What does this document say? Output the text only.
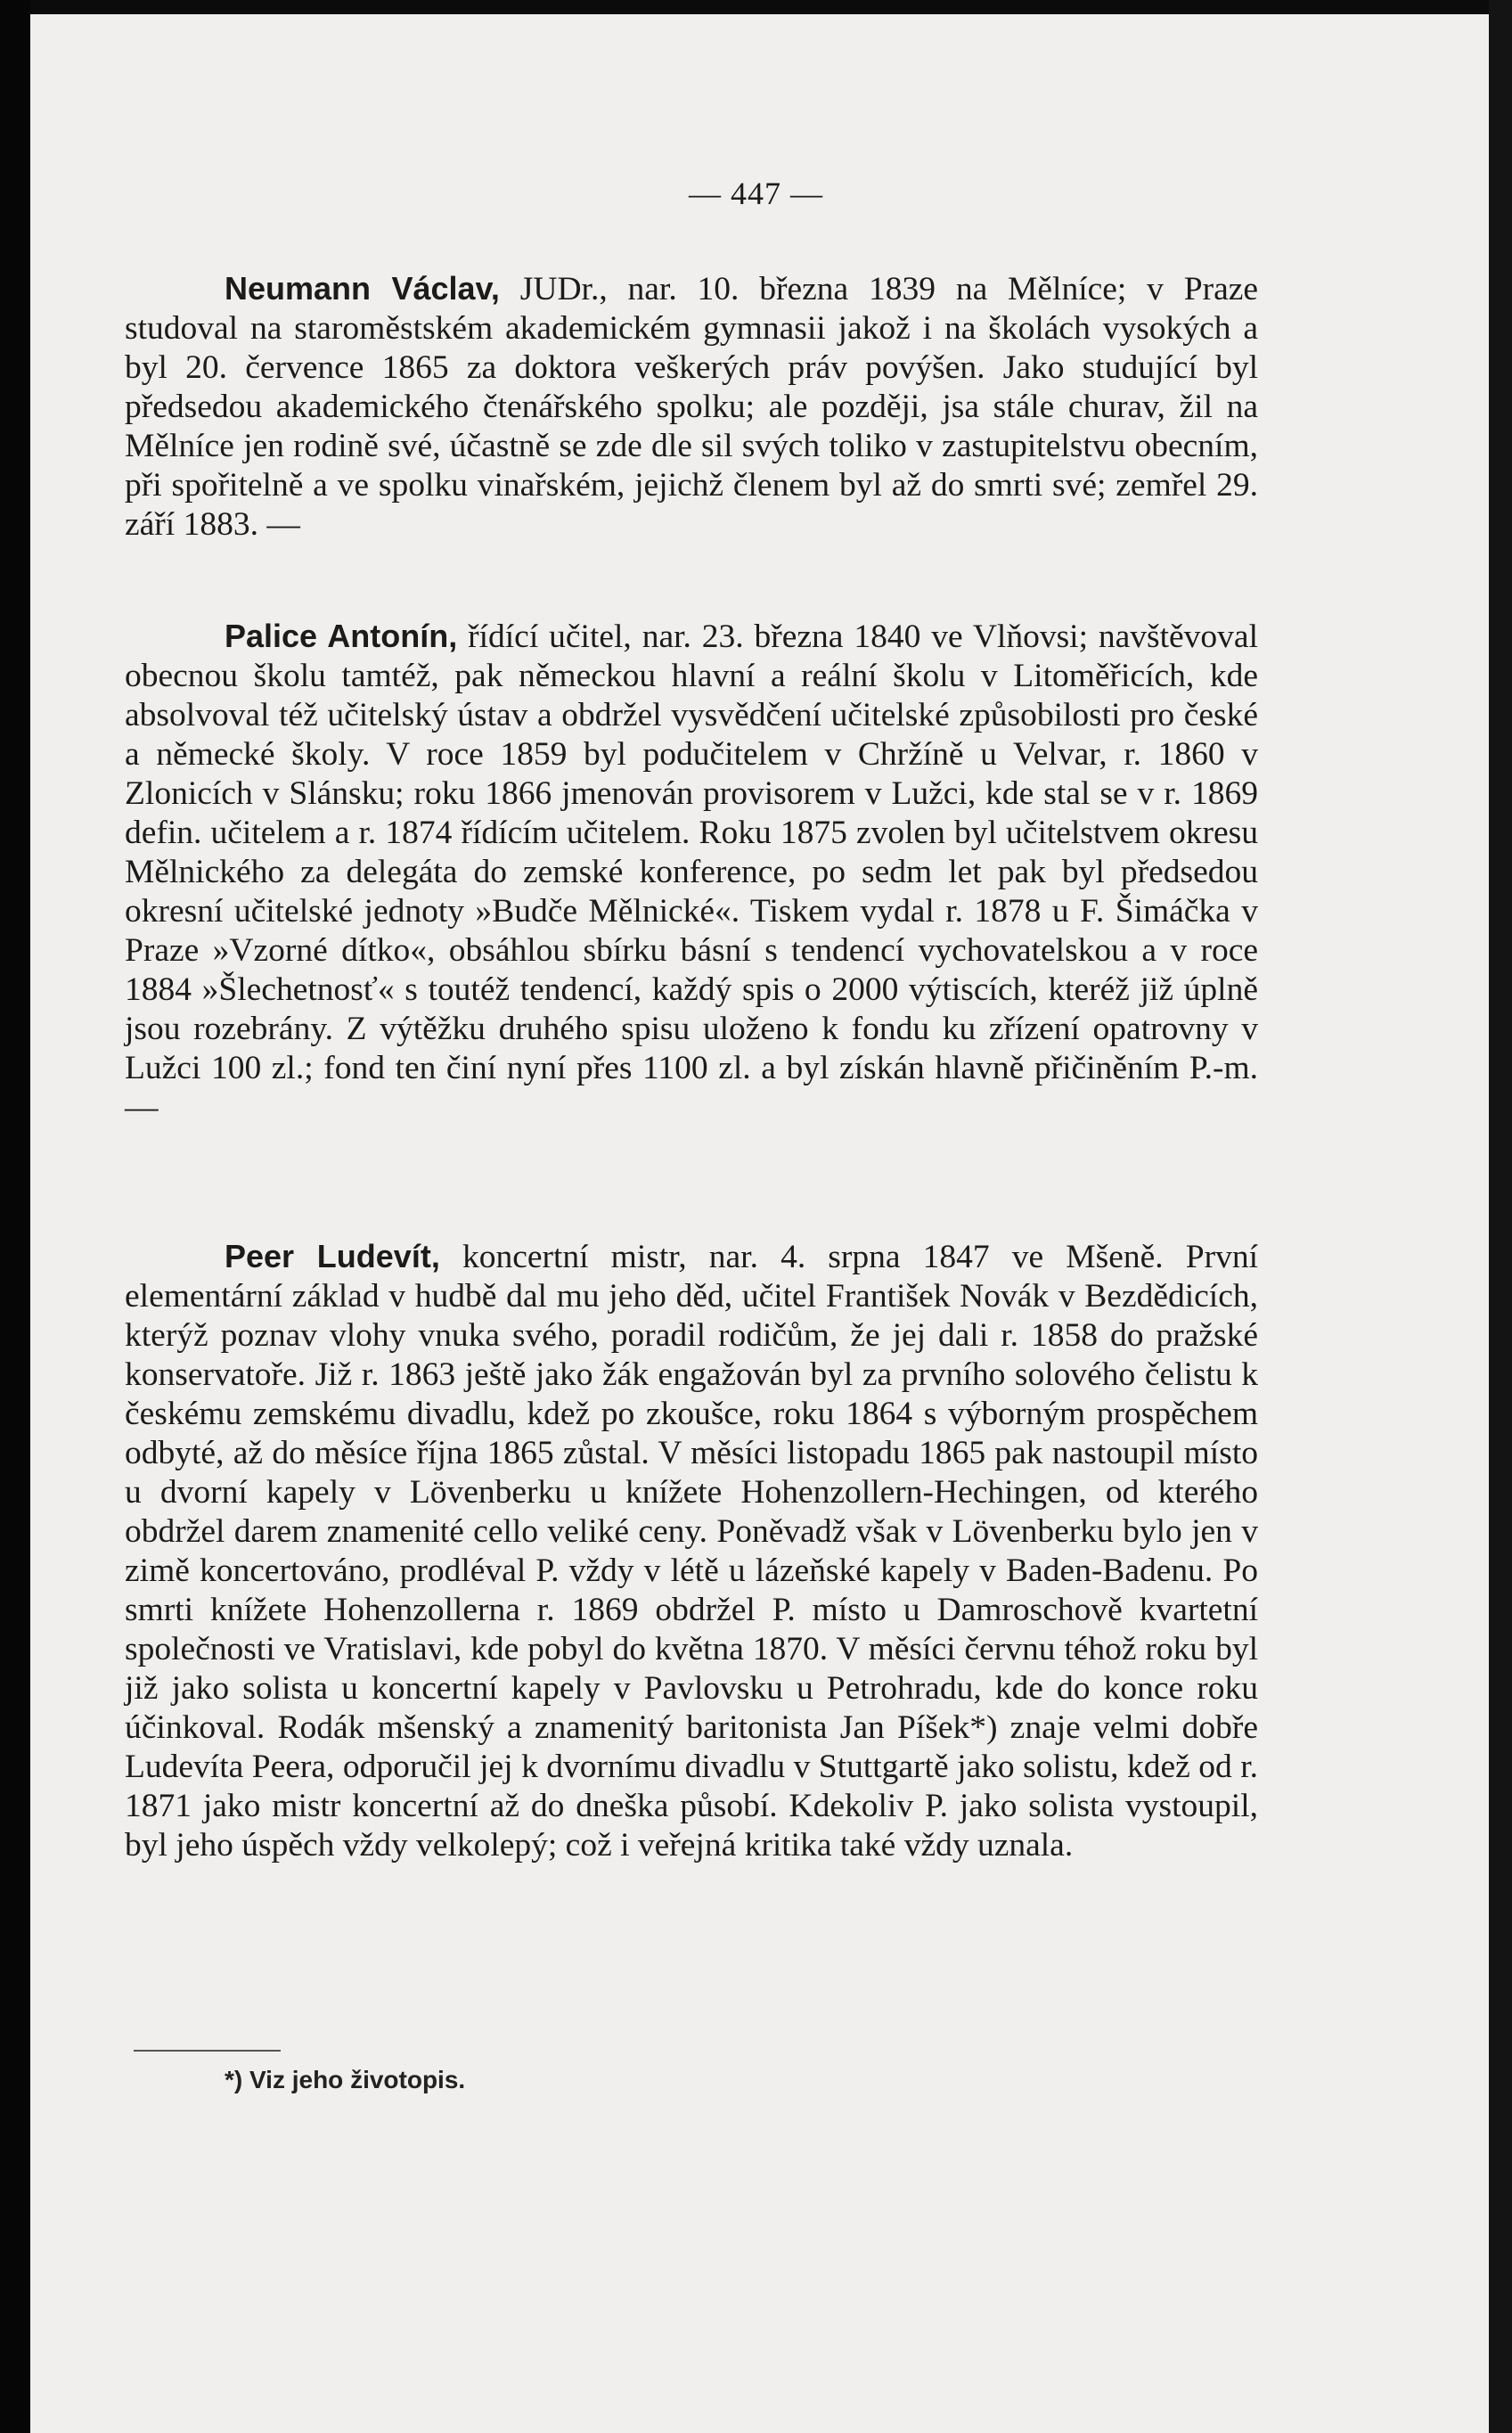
— 447 —

Neumann Václav, JUDr., nar. 10. března 1839 na Mělníce; v Praze studoval na staroměstském akademickém gymnasii jakož i na školách vysokých a byl 20. července 1865 za doktora veškerých práv povýšen. Jako studující byl předsedou akademického čtenářského spolku; ale později, jsa stále churav, žil na Mělníce jen rodině své, účastně se zde dle sil svých toliko v zastupitelstvu obecním, při spořitelně a ve spolku vinařském, jejichž členem byl až do smrti své; zemřel 29. září 1883. —

Palice Antonín, řídící učitel, nar. 23. března 1840 ve Vlňovsi; navštěvoval obecnou školu tamtéž, pak německou hlavní a reální školu v Litoměřicích, kde absolvoval též učitelský ústav a obdržel vysvědčení učitelské způsobilosti pro české a německé školy. V roce 1859 byl podučitelem v Chržíně u Velvar, r. 1860 v Zlonicích v Slánsku; roku 1866 jmenován provisorem v Lužci, kde stal se v r. 1869 defin. učitelem a r. 1874 řídícím učitelem. Roku 1875 zvolen byl učitelstvem okresu Mělnického za delegáta do zemské konference, po sedm let pak byl předsedou okresní učitelské jednoty »Budče Mělnické«. Tiskem vydal r. 1878 u F. Šimáčka v Praze »Vzorné dítko«, obsáhlou sbírku básní s tendencí vychovatelskou a v roce 1884 »Šlechetnosť« s toutéž tendencí, každý spis o 2000 výtiscích, kteréž již úplně jsou rozebrány. Z výtěžku druhého spisu uloženo k fondu ku zřízení opatrovny v Lužci 100 zl.; fond ten činí nyní přes 1100 zl. a byl získán hlavně přičiněním P.-m. —

Peer Ludevít, koncertní mistr, nar. 4. srpna 1847 ve Mšeně. První elementární základ v hudbě dal mu jeho děd, učitel František Novák v Bezdědicích, kterýž poznav vlohy vnuka svého, poradil rodičům, že jej dali r. 1858 do pražské konservatoře. Již r. 1863 ještě jako žák engažován byl za prvního solového čelistu k českému zemskému divadlu, kdež po zkoušce, roku 1864 s výborným prospěchem odbyté, až do měsíce října 1865 zůstal. V měsíci listopadu 1865 pak nastoupil místo u dvorní kapely v Lövenberku u knížete Hohenzollern-Hechingen, od kterého obdržel darem znamenité cello veliké ceny. Poněvadž však v Lövenberku bylo jen v zimě koncertováno, prodléval P. vždy v létě u lázeňské kapely v Baden-Badenu. Po smrti knížete Hohenzollerna r. 1869 obdržel P. místo u Damroschově kvartetní společnosti ve Vratislavi, kde pobyl do května 1870. V měsíci červnu téhož roku byl již jako solista u koncertní kapely v Pavlovsku u Petrohradu, kde do konce roku účinkoval. Rodák mšenský a znamenitý baritonista Jan Píšek*) znaje velmi dobře Ludevíta Peera, odporučil jej k dvornímu divadlu v Stuttgartě jako solistu, kdež od r. 1871 jako mistr koncertní až do dneška působí. Kdekoliv P. jako solista vystoupil, byl jeho úspěch vždy velkolepý; což i veřejná kritika také vždy uznala.

*) Viz jeho životopis.
